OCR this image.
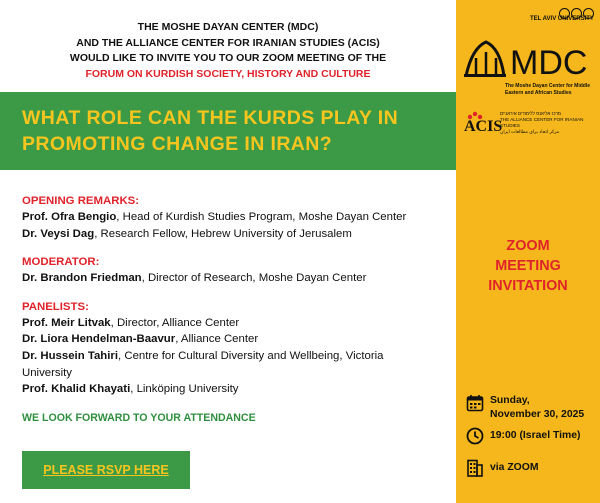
THE MOSHE DAYAN CENTER (MDC)
AND THE ALLIANCE CENTER FOR IRANIAN STUDIES (ACIS)
WOULD LIKE TO INVITE YOU TO OUR ZOOM MEETING OF THE
FORUM ON KURDISH SOCIETY, HISTORY AND CULTURE
WHAT ROLE CAN THE KURDS PLAY IN
PROMOTING CHANGE IN IRAN?
OPENING REMARKS:
Prof. Ofra Bengio, Head of Kurdish Studies Program, Moshe Dayan Center
Dr. Veysi Dag, Research Fellow, Hebrew University of Jerusalem
MODERATOR:
Dr. Brandon Friedman, Director of Research, Moshe Dayan Center
PANELISTS:
Prof. Meir Litvak, Director, Alliance Center
Dr. Liora Hendelman-Baavur, Alliance Center
Dr. Hussein Tahiri, Centre for Cultural Diversity and Wellbeing, Victoria
University
Prof. Khalid Khayati, Linköping University
WE LOOK FORWARD TO YOUR ATTENDANCE
PLEASE RSVP HERE
TEL AVIV UNIVERSITY
MDC
The Moshe Dayan Center for Middle Eastern and African Studies
ACIS
מרכז אליאנס ללימודים איראניים
THE ALLIANCE CENTER FOR IRANIAN STUDIES
مرکز اتحاد برای مطالعات ایران
ZOOM
MEETING
INVITATION
Sunday,
November 30, 2025
19:00 (Israel Time)
via ZOOM
